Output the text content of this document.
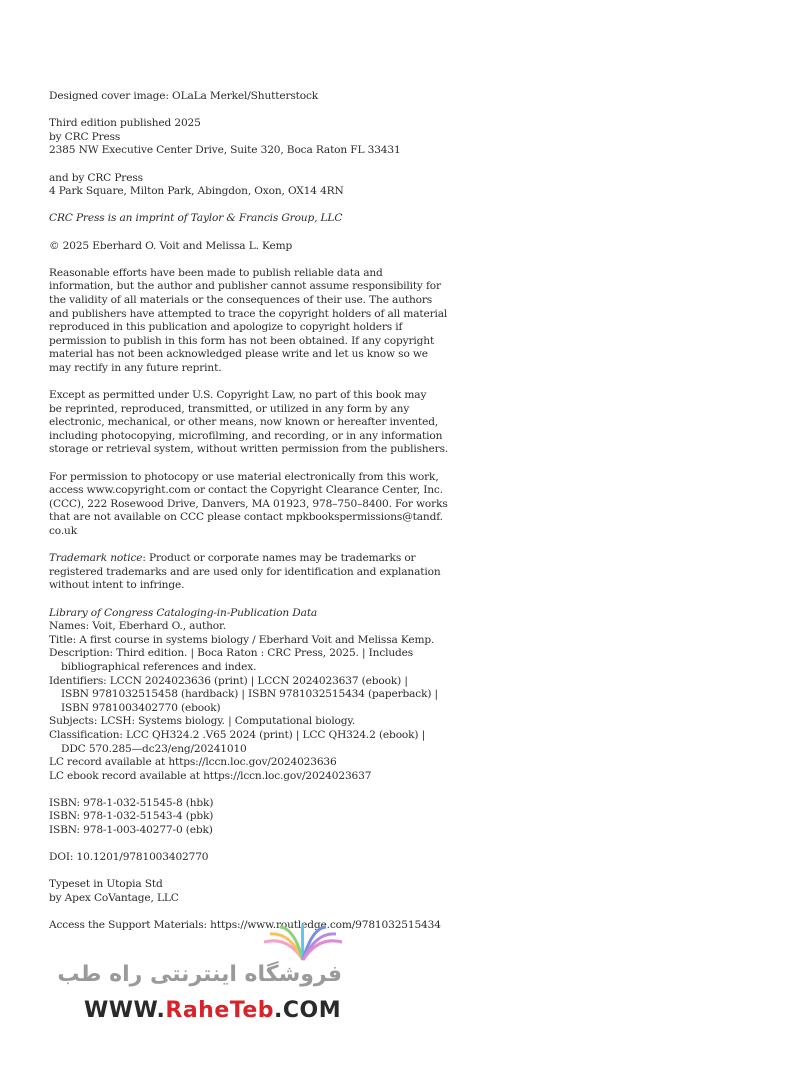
Designed cover image: OLaLa Merkel/Shutterstock
Third edition published 2025
by CRC Press
2385 NW Executive Center Drive, Suite 320, Boca Raton FL 33431
and by CRC Press
4 Park Square, Milton Park, Abingdon, Oxon, OX14 4RN
CRC Press is an imprint of Taylor & Francis Group, LLC
© 2025 Eberhard O. Voit and Melissa L. Kemp
Reasonable efforts have been made to publish reliable data and
information, but the author and publisher cannot assume responsibility for
the validity of all materials or the consequences of their use. The authors
and publishers have attempted to trace the copyright holders of all material
reproduced in this publication and apologize to copyright holders if
permission to publish in this form has not been obtained. If any copyright
material has not been acknowledged please write and let us know so we
may rectify in any future reprint.
Except as permitted under U.S. Copyright Law, no part of this book may
be reprinted, reproduced, transmitted, or utilized in any form by any
electronic, mechanical, or other means, now known or hereafter invented,
including photocopying, microfilming, and recording, or in any information
storage or retrieval system, without written permission from the publishers.
For permission to photocopy or use material electronically from this work,
access www.copyright.com or contact the Copyright Clearance Center, Inc.
(CCC), 222 Rosewood Drive, Danvers, MA 01923, 978–750–8400. For works
that are not available on CCC please contact mpkbookspermissions@tandf.
co.uk
Trademark notice: Product or corporate names may be trademarks or
registered trademarks and are used only for identification and explanation
without intent to infringe.
Library of Congress Cataloging-in-Publication Data
Names: Voit, Eberhard O., author.
Title: A first course in systems biology / Eberhard Voit and Melissa Kemp.
Description: Third edition. | Boca Raton : CRC Press, 2025. | Includes
bibliographical references and index.
Identifiers: LCCN 2024023636 (print) | LCCN 2024023637 (ebook) |
ISBN 9781032515458 (hardback) | ISBN 9781032515434 (paperback) |
ISBN 9781003402770 (ebook)
Subjects: LCSH: Systems biology. | Computational biology.
Classification: LCC QH324.2 .V65 2024 (print) | LCC QH324.2 (ebook) |
DDC 570.285—dc23/eng/20241010
LC record available at https://lccn.loc.gov/2024023636
LC ebook record available at https://lccn.loc.gov/2024023637
ISBN: 978-1-032-51545-8 (hbk)
ISBN: 978-1-032-51543-4 (pbk)
ISBN: 978-1-003-40277-0 (ebk)
DOI: 10.1201/9781003402770
Typeset in Utopia Std
by Apex CoVantage, LLC
Access the Support Materials: https://www.routledge.com/9781032515434
فروشگاه اینترنتی راه طب
WWW.RaheTeb.COM
